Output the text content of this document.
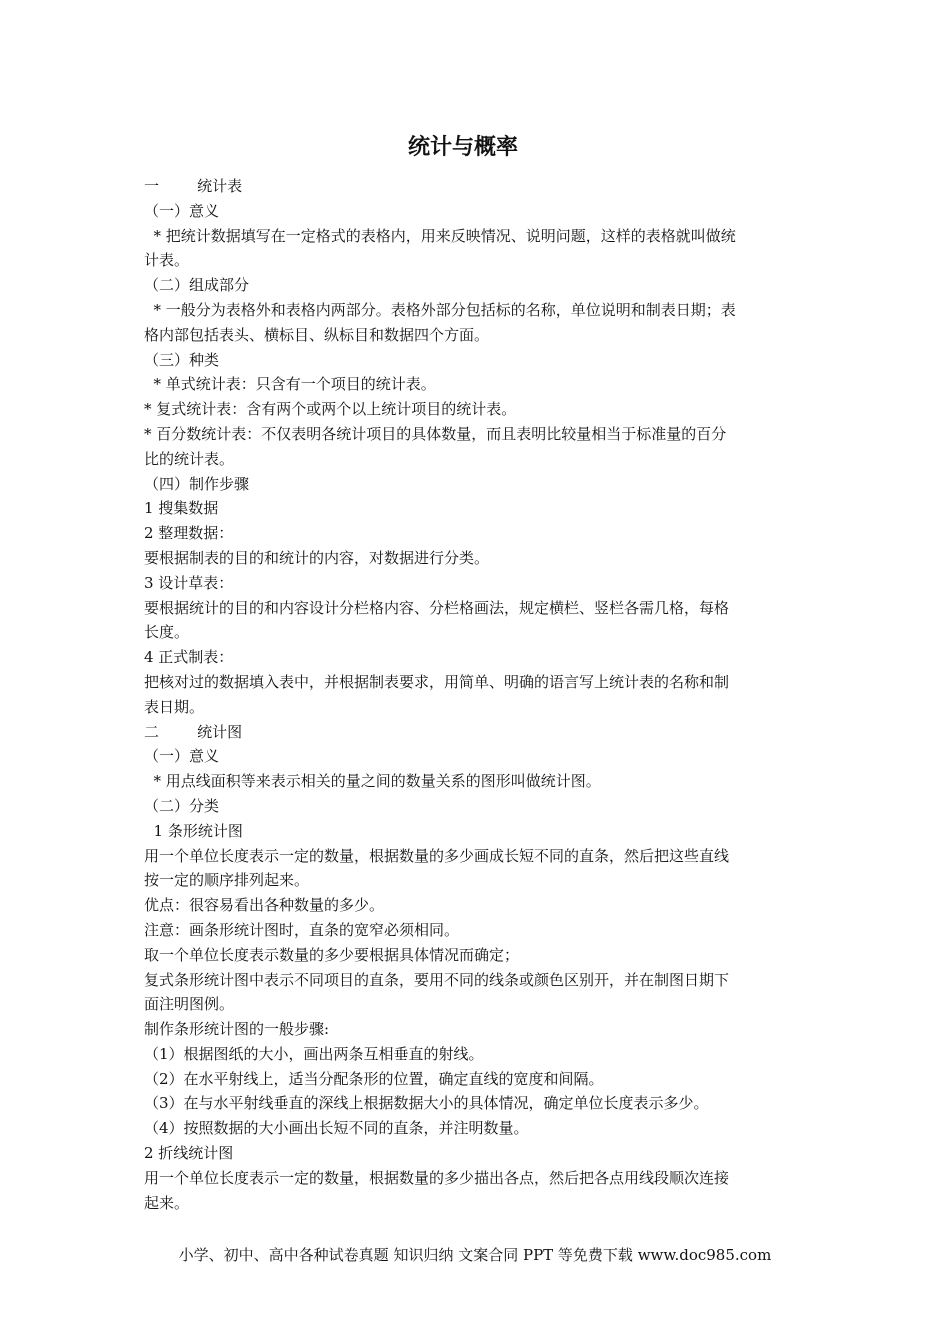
统计与概率
一        统计表
（一）意义
* 把统计数据填写在一定格式的表格内，用来反映情况、说明问题，这样的表格就叫做统
计表。
（二）组成部分
* 一般分为表格外和表格内两部分。表格外部分包括标的名称，单位说明和制表日期；表
格内部包括表头、横标目、纵标目和数据四个方面。
（三）种类
* 单式统计表：只含有一个项目的统计表。
* 复式统计表：含有两个或两个以上统计项目的统计表。
* 百分数统计表：不仅表明各统计项目的具体数量，而且表明比较量相当于标准量的百分
比的统计表。
（四）制作步骤
1 搜集数据
2 整理数据：
要根据制表的目的和统计的内容，对数据进行分类。
3 设计草表：
要根据统计的目的和内容设计分栏格内容、分栏格画法，规定横栏、竖栏各需几格，每格
长度。
4 正式制表：
把核对过的数据填入表中，并根据制表要求，用简单、明确的语言写上统计表的名称和制
表日期。
二        统计图
（一）意义
* 用点线面积等来表示相关的量之间的数量关系的图形叫做统计图。
（二）分类
1 条形统计图
用一个单位长度表示一定的数量，根据数量的多少画成长短不同的直条，然后把这些直线
按一定的顺序排列起来。
优点：很容易看出各种数量的多少。
注意：画条形统计图时，直条的宽窄必须相同。
取一个单位长度表示数量的多少要根据具体情况而确定；
复式条形统计图中表示不同项目的直条，要用不同的线条或颜色区别开，并在制图日期下
面注明图例。
制作条形统计图的一般步骤:
（1）根据图纸的大小，画出两条互相垂直的射线。
（2）在水平射线上，适当分配条形的位置，确定直线的宽度和间隔。
（3）在与水平射线垂直的深线上根据数据大小的具体情况，确定单位长度表示多少。
（4）按照数据的大小画出长短不同的直条，并注明数量。
2 折线统计图
用一个单位长度表示一定的数量，根据数量的多少描出各点，然后把各点用线段顺次连接
起来。
小学、初中、高中各种试卷真题 知识归纳 文案合同 PPT 等免费下载 www.doc985.com
